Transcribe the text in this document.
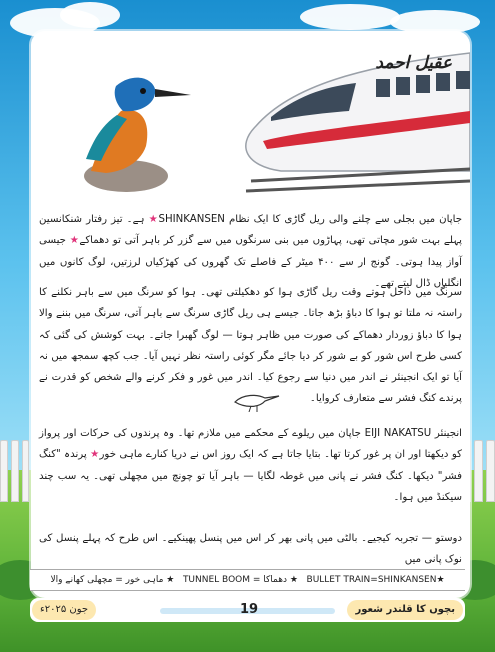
عقیل احمد

جاپان میں بجلی سے چلنے والی ریل گاڑی کا ایک نظام SHINKANSEN★ ہے۔ تیز رفتار شنکانسین پہلے بہت شور مچاتی تھی، پہاڑوں میں بنی سرنگوں میں سے گزر کر باہر آتی تو دھماکے★ جیسی آواز پیدا ہوتی۔ گونج ار سے ۴۰۰ میٹر کے فاصلے تک گھروں کی کھڑکیاں لرزتیں، لوگ کانوں میں انگلیاں ڈال لیتے تھے۔

سرنگ میں داخل ہوتے وقت ریل گاڑی ہوا کو دھکیلتی تھی۔ ہوا کو سرنگ میں سے باہر نکلنے کا راستہ نہ ملتا تو ہوا کا دباؤ بڑھ جاتا۔ جیسے ہی ریل گاڑی سرنگ سے باہر آتی، سرنگ میں بننے والا ہوا کا دباؤ زوردار دھماکے کی صورت میں ظاہر ہوتا — لوگ گھبرا جاتے۔ بہت کوشش کی گئی کہ کسی طرح اس شور کو بے شور کر دیا جائے مگر کوئی راستہ نظر نہیں آیا۔ جب کچھ سمجھ میں نہ آیا تو ایک انجینئر نے اندر میں دنیا سے رجوع کیا۔ اندر میں غور و فکر کرنے والے شخص کو قدرت نے پرندے کنگ فشر سے متعارف کروایا۔

انجینئر EIJI NAKATSU جاپان میں ریلوے کے محکمے میں ملازم تھا۔ وہ پرندوں کی حرکات اور پرواز کو دیکھتا اور ان پر غور کرتا تھا۔ بتایا جاتا ہے کہ ایک روز اس نے دریا کنارے ماہی خور★ پرندہ "کنگ فشر" دیکھا۔ کنگ فشر نے پانی میں غوطہ لگایا — باہر آیا تو چونچ میں مچھلی تھی۔ یہ سب چند سیکنڈ میں ہوا۔

دوستو — تجربہ کیجیے۔ بالٹی میں پانی بھر کر اس میں پنسل پھینکیے۔ اس طرح کہ پہلے پنسل کی نوک پانی میں

★BULLET TRAIN=SHINKANSEN   ★ دھماکا = TUNNEL BOOM   ★ ماہی خور = مچھلی کھانے والا
بچوں کا قلندر شعور
19
جون ۲۰۲۵ء
